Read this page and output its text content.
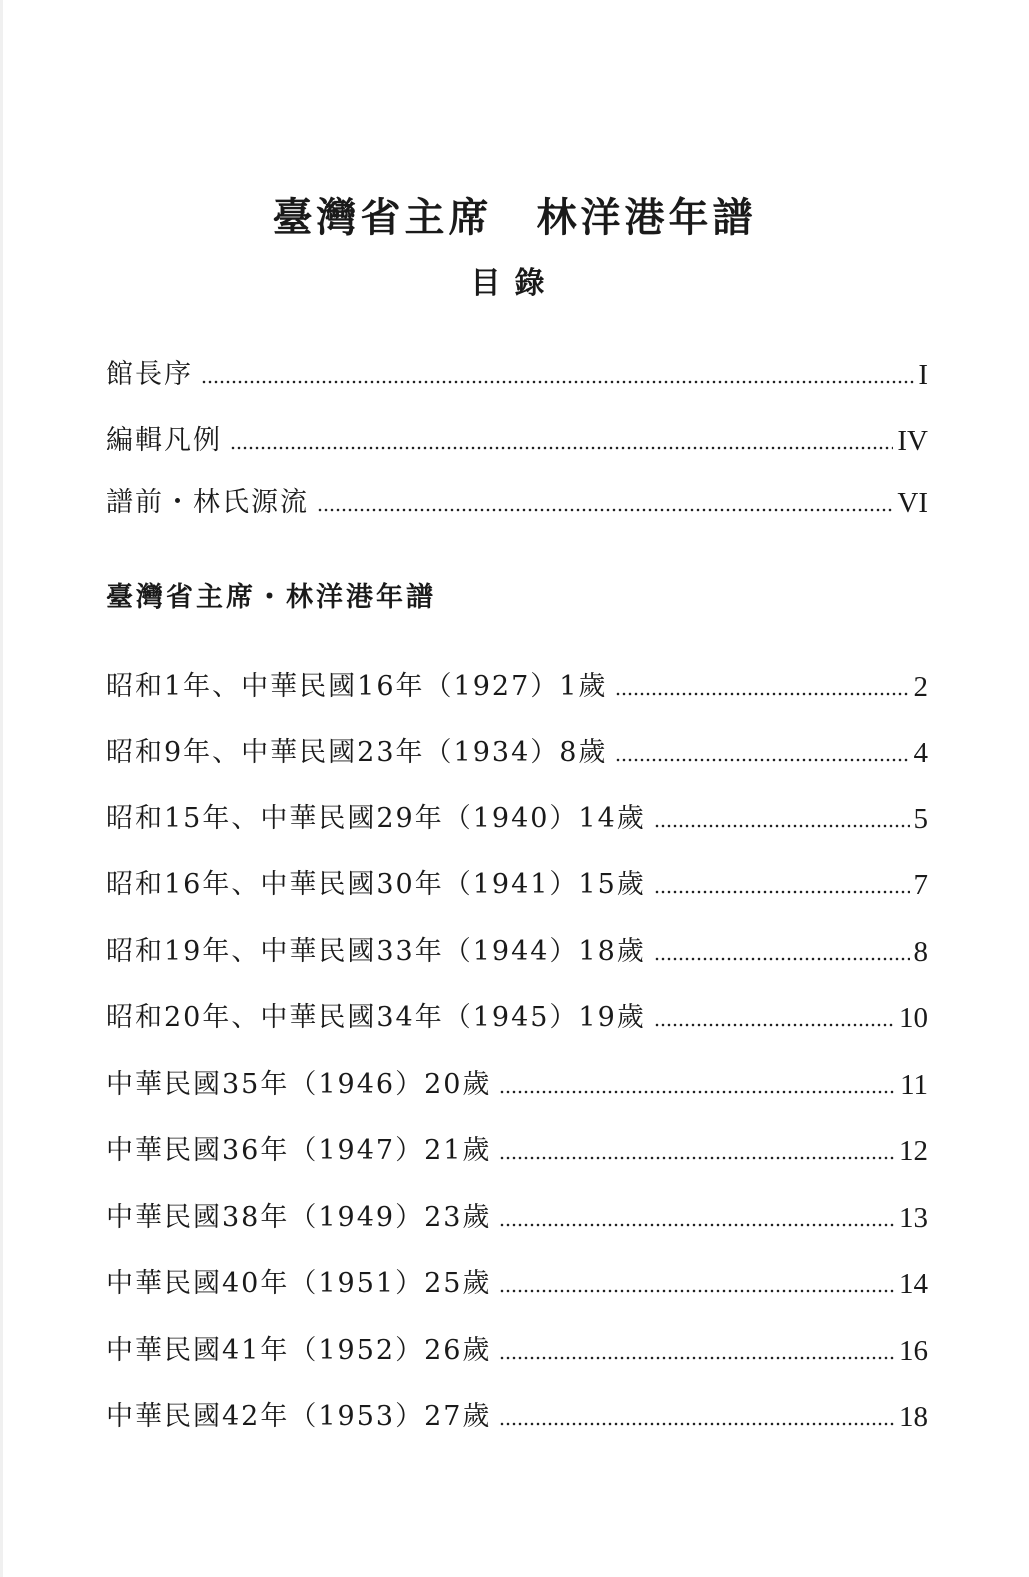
臺灣省主席　林洋港年譜
目錄
館長序	I
編輯凡例	IV
譜前・林氏源流	VI
臺灣省主席・林洋港年譜
昭和1年、中華民國16年（1927）1歲	2
昭和9年、中華民國23年（1934）8歲	4
昭和15年、中華民國29年（1940）14歲	5
昭和16年、中華民國30年（1941）15歲	7
昭和19年、中華民國33年（1944）18歲	8
昭和20年、中華民國34年（1945）19歲	10
中華民國35年（1946）20歲	11
中華民國36年（1947）21歲	12
中華民國38年（1949）23歲	13
中華民國40年（1951）25歲	14
中華民國41年（1952）26歲	16
中華民國42年（1953）27歲	18
